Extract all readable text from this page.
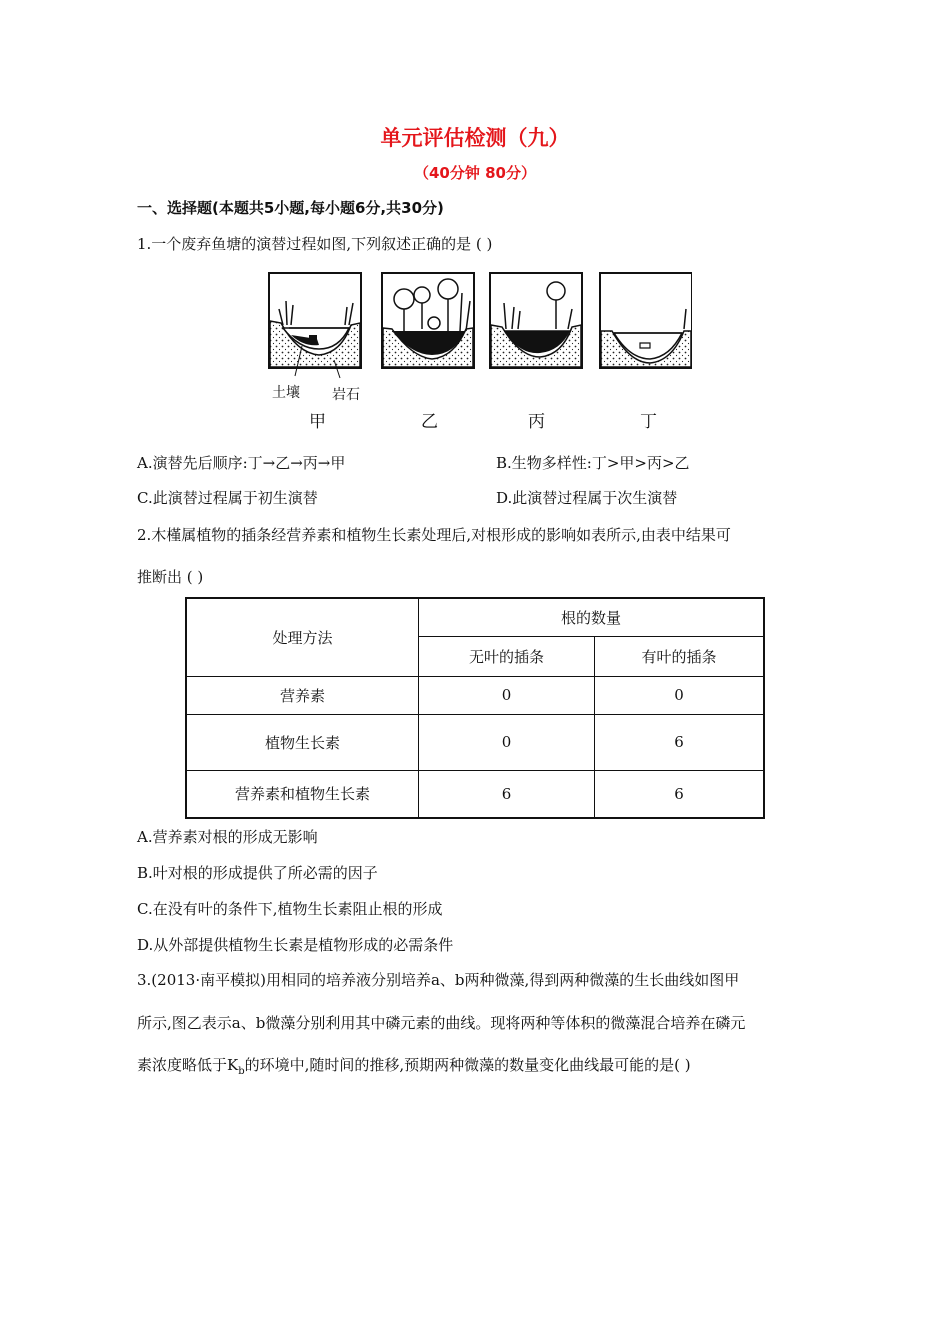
单元评估检测（九）
（40分钟 80分）
一、选择题(本题共5小题,每小题6分,共30分)
1.一个废弃鱼塘的演替过程如图,下列叙述正确的是 ( )
土壤 岩石
甲	乙	丙	丁
A.演替先后顺序:丁→乙→丙→甲	B.生物多样性:丁>甲>丙>乙
C.此演替过程属于初生演替	D.此演替过程属于次生演替
2.木槿属植物的插条经营养素和植物生长素处理后,对根形成的影响如表所示,由表中结果可
推断出 ( )
处理方法	根的数量	
	无叶的插条	有叶的插条
营养素	0	0
植物生长素	0	6
营养素和植物生长素	6	6
A.营养素对根的形成无影响
B.叶对根的形成提供了所必需的因子
C.在没有叶的条件下,植物生长素阻止根的形成
D.从外部提供植物生长素是植物形成的必需条件
3.(2013·南平模拟)用相同的培养液分别培养a、b两种微藻,得到两种微藻的生长曲线如图甲
所示,图乙表示a、b微藻分别利用其中磷元素的曲线。现将两种等体积的微藻混合培养在磷元
素浓度略低于$K_b$的环境中,随时间的推移,预期两种微藻的数量变化曲线最可能的是( )
